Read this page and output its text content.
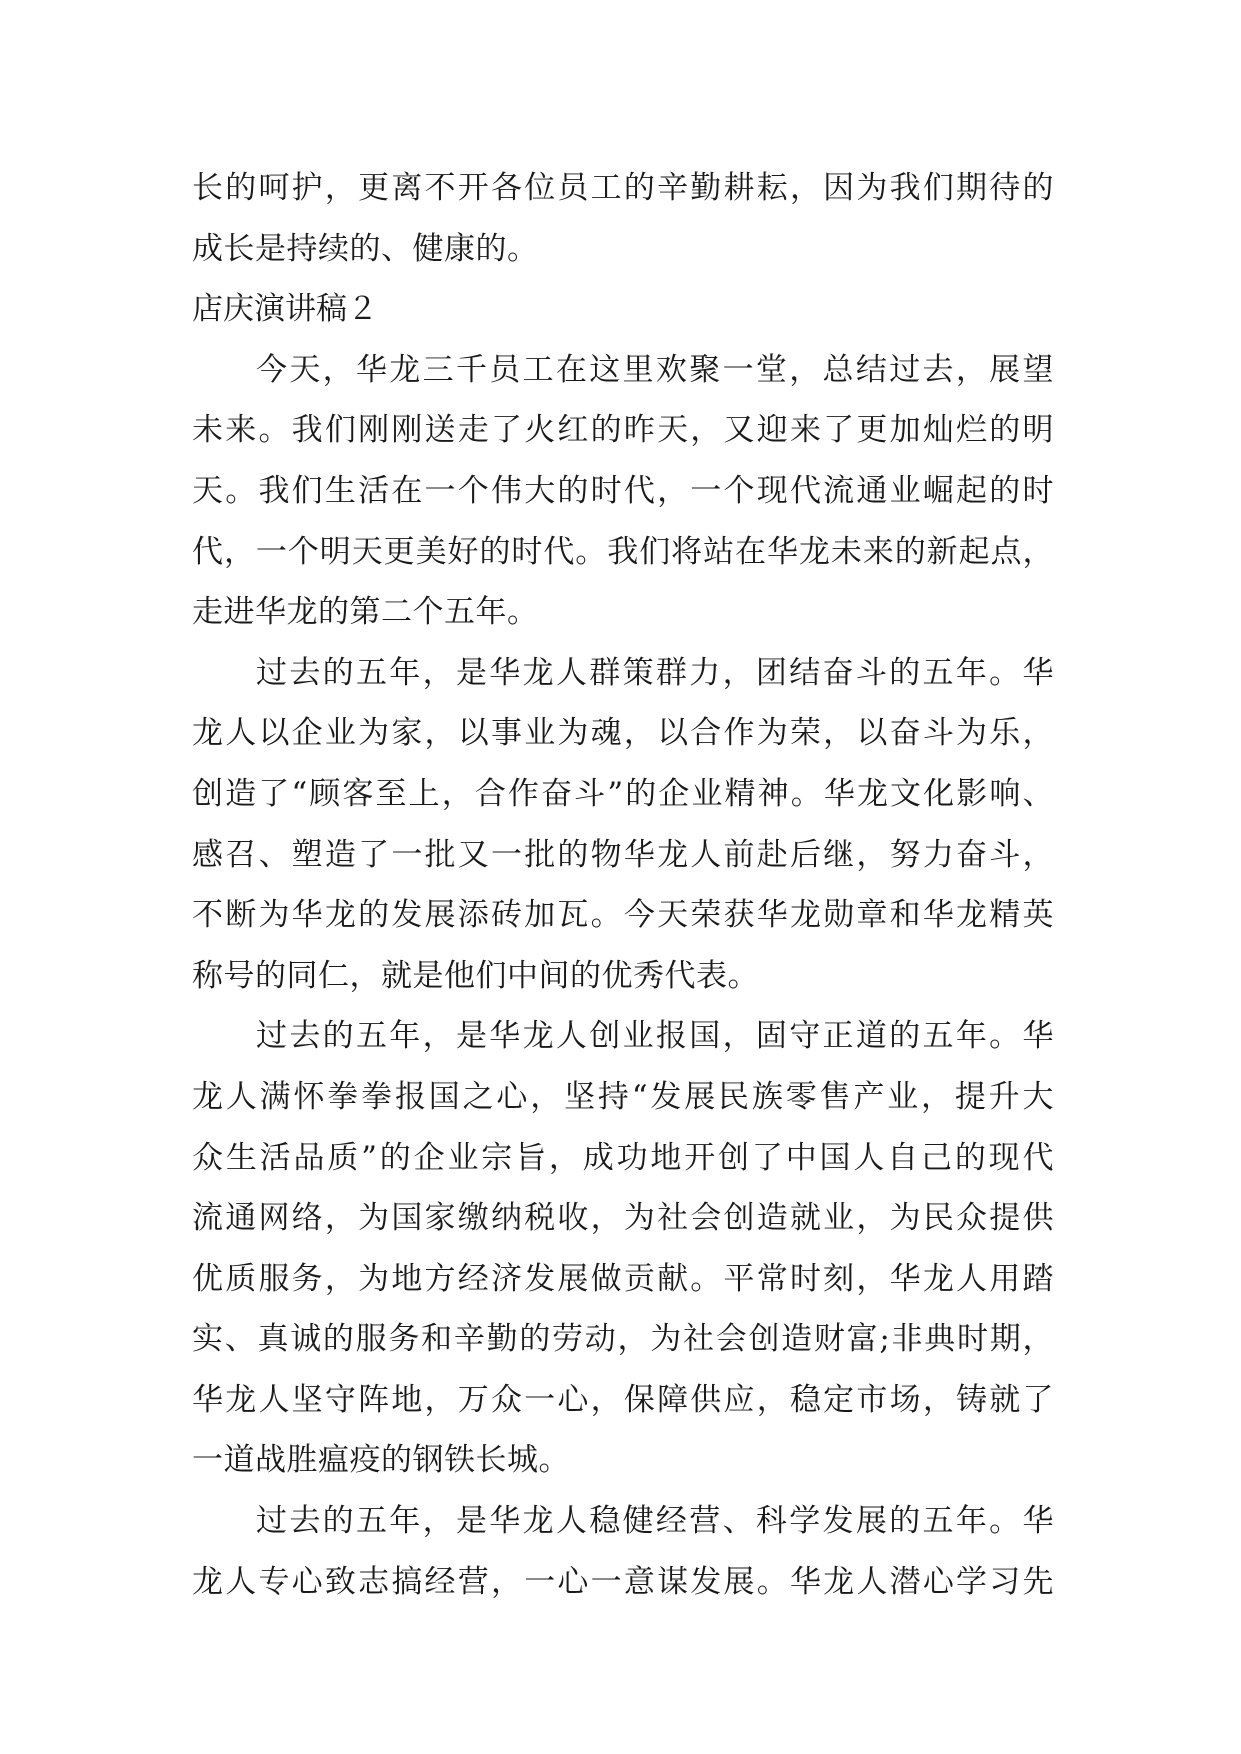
长的呵护，更离不开各位员工的辛勤耕耘，因为我们期待的
成长是持续的、健康的。
店庆演讲稿２
今天，华龙三千员工在这里欢聚一堂，总结过去，展望
未来。我们刚刚送走了火红的昨天，又迎来了更加灿烂的明
天。我们生活在一个伟大的时代，一个现代流通业崛起的时
代，一个明天更美好的时代。我们将站在华龙未来的新起点，
走进华龙的第二个五年。
过去的五年，是华龙人群策群力，团结奋斗的五年。华
龙人以企业为家，以事业为魂，以合作为荣，以奋斗为乐，
创造了“顾客至上，合作奋斗”的企业精神。华龙文化影响、
感召、塑造了一批又一批的物华龙人前赴后继，努力奋斗，
不断为华龙的发展添砖加瓦。今天荣获华龙勋章和华龙精英
称号的同仁，就是他们中间的优秀代表。
过去的五年，是华龙人创业报国，固守正道的五年。华
龙人满怀拳拳报国之心，坚持“发展民族零售产业，提升大
众生活品质”的企业宗旨，成功地开创了中国人自己的现代
流通网络，为国家缴纳税收，为社会创造就业，为民众提供
优质服务，为地方经济发展做贡献。平常时刻，华龙人用踏
实、真诚的服务和辛勤的劳动，为社会创造财富;非典时期，
华龙人坚守阵地，万众一心，保障供应，稳定市场，铸就了
一道战胜瘟疫的钢铁长城。
过去的五年，是华龙人稳健经营、科学发展的五年。华
龙人专心致志搞经营，一心一意谋发展。华龙人潜心学习先
